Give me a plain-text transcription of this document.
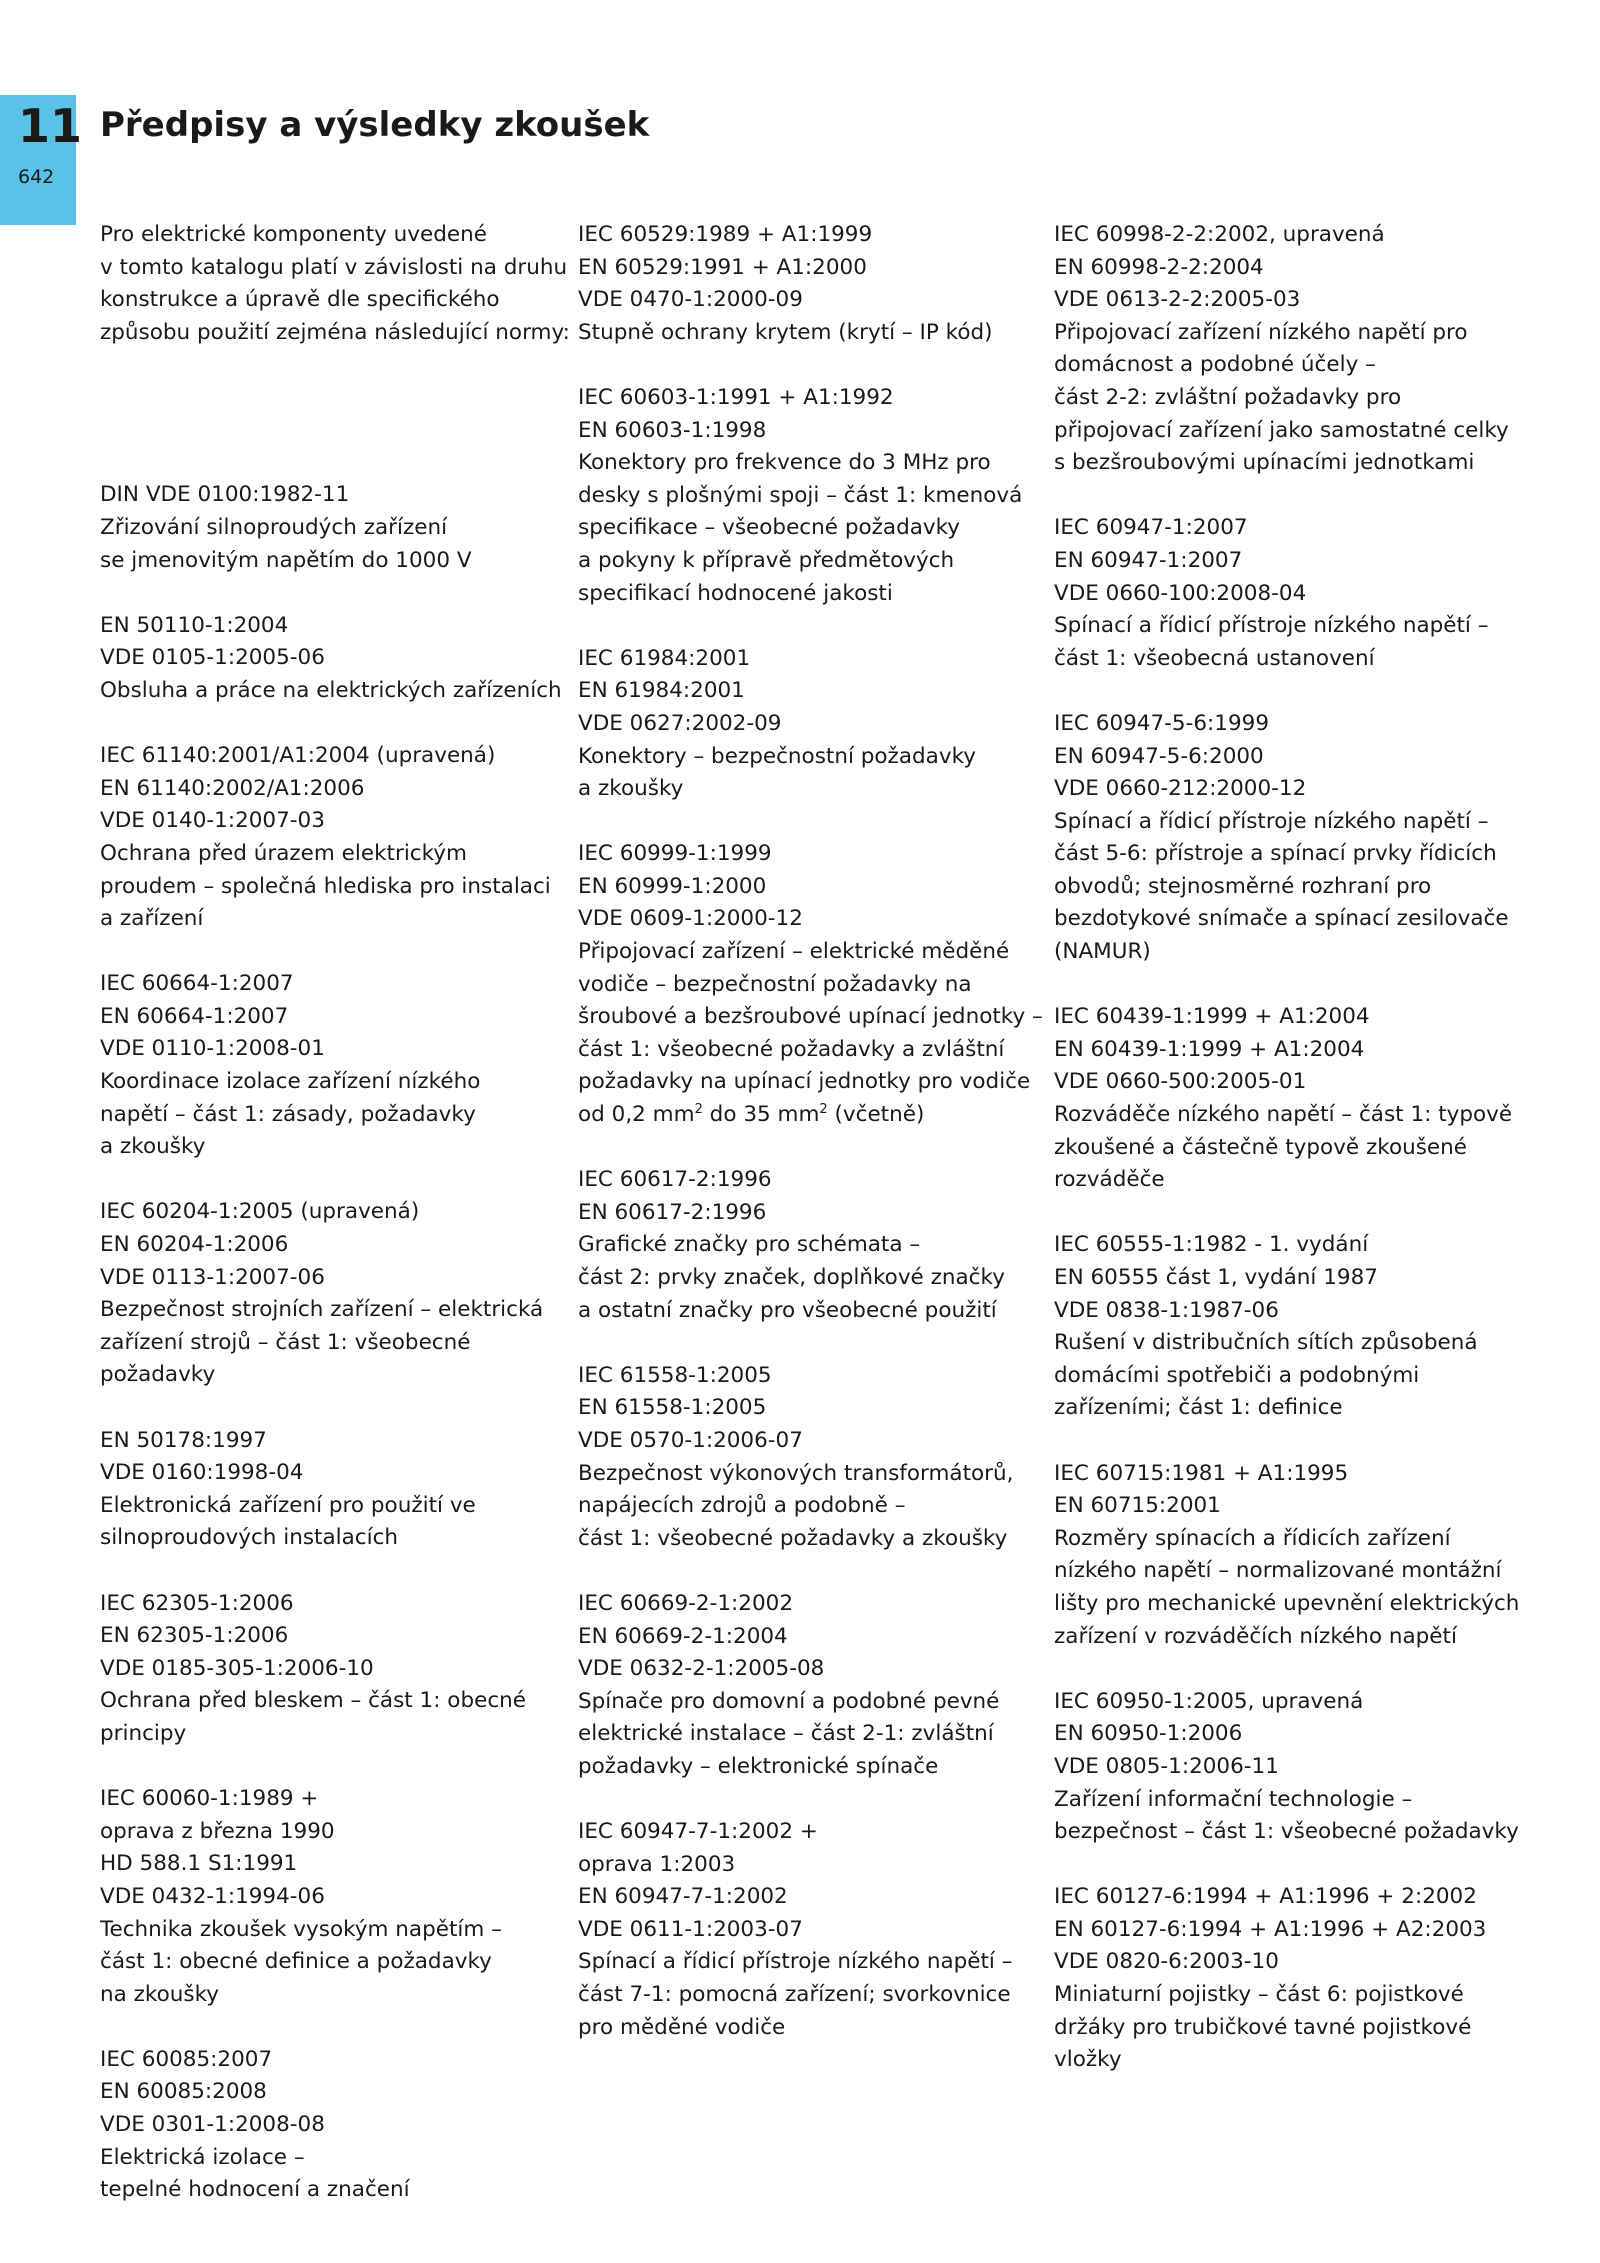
11
642
Předpisy a výsledky zkoušek
Pro elektrické komponenty uvedené
v tomto katalogu platí v závislosti na druhu
konstrukce a úpravě dle specifického
způsobu použití zejména následující normy:
DIN VDE 0100:1982-11
Zřizování silnoproudých zařízení
se jmenovitým napětím do 1000 V
EN 50110-1:2004
VDE 0105-1:2005-06
Obsluha a práce na elektrických zařízeních
IEC 61140:2001/A1:2004 (upravená)
EN 61140:2002/A1:2006
VDE 0140-1:2007-03
Ochrana před úrazem elektrickým
proudem – společná hlediska pro instalaci
a zařízení
IEC 60664-1:2007
EN 60664-1:2007
VDE 0110-1:2008-01
Koordinace izolace zařízení nízkého
napětí – část 1: zásady, požadavky
a zkoušky
IEC 60204-1:2005 (upravená)
EN 60204-1:2006
VDE 0113-1:2007-06
Bezpečnost strojních zařízení – elektrická
zařízení strojů – část 1: všeobecné
požadavky
EN 50178:1997
VDE 0160:1998-04
Elektronická zařízení pro použití ve
silnoproudových instalacích
IEC 62305-1:2006
EN 62305-1:2006
VDE 0185-305-1:2006-10
Ochrana před bleskem – část 1: obecné
principy
IEC 60060-1:1989 +
oprava z března 1990
HD 588.1 S1:1991
VDE 0432-1:1994-06
Technika zkoušek vysokým napětím –
část 1: obecné definice a požadavky
na zkoušky
IEC 60085:2007
EN 60085:2008
VDE 0301-1:2008-08
Elektrická izolace –
tepelné hodnocení a značení
IEC 60529:1989 + A1:1999
EN 60529:1991 + A1:2000
VDE 0470-1:2000-09
Stupně ochrany krytem (krytí – IP kód)
IEC 60603-1:1991 + A1:1992
EN 60603-1:1998
Konektory pro frekvence do 3 MHz pro
desky s plošnými spoji – část 1: kmenová
specifikace – všeobecné požadavky
a pokyny k přípravě předmětových
specifikací hodnocené jakosti
IEC 61984:2001
EN 61984:2001
VDE 0627:2002-09
Konektory – bezpečnostní požadavky
a zkoušky
IEC 60999-1:1999
EN 60999-1:2000
VDE 0609-1:2000-12
Připojovací zařízení – elektrické měděné
vodiče – bezpečnostní požadavky na
šroubové a bezšroubové upínací jednotky –
část 1: všeobecné požadavky a zvláštní
požadavky na upínací jednotky pro vodiče
od 0,2 $mm^2$ do 35 $mm^2$ (včetně)
IEC 60617-2:1996
EN 60617-2:1996
Grafické značky pro schémata –
část 2: prvky značek, doplňkové značky
a ostatní značky pro všeobecné použití
IEC 61558-1:2005
EN 61558-1:2005
VDE 0570-1:2006-07
Bezpečnost výkonových transformátorů,
napájecích zdrojů a podobně –
část 1: všeobecné požadavky a zkoušky
IEC 60669-2-1:2002
EN 60669-2-1:2004
VDE 0632-2-1:2005-08
Spínače pro domovní a podobné pevné
elektrické instalace – část 2-1: zvláštní
požadavky – elektronické spínače
IEC 60947-7-1:2002 +
oprava 1:2003
EN 60947-7-1:2002
VDE 0611-1:2003-07
Spínací a řídicí přístroje nízkého napětí –
část 7-1: pomocná zařízení; svorkovnice
pro měděné vodiče
IEC 60998-2-2:2002, upravená
EN 60998-2-2:2004
VDE 0613-2-2:2005-03
Připojovací zařízení nízkého napětí pro
domácnost a podobné účely –
část 2-2: zvláštní požadavky pro
připojovací zařízení jako samostatné celky
s bezšroubovými upínacími jednotkami
IEC 60947-1:2007
EN 60947-1:2007
VDE 0660-100:2008-04
Spínací a řídicí přístroje nízkého napětí –
část 1: všeobecná ustanovení
IEC 60947-5-6:1999
EN 60947-5-6:2000
VDE 0660-212:2000-12
Spínací a řídicí přístroje nízkého napětí –
část 5-6: přístroje a spínací prvky řídicích
obvodů; stejnosměrné rozhraní pro
bezdotykové snímače a spínací zesilovače
(NAMUR)
IEC 60439-1:1999 + A1:2004
EN 60439-1:1999 + A1:2004
VDE 0660-500:2005-01
Rozváděče nízkého napětí – část 1: typově
zkoušené a částečně typově zkoušené
rozváděče
IEC 60555-1:1982 - 1. vydání
EN 60555 část 1, vydání 1987
VDE 0838-1:1987-06
Rušení v distribučních sítích způsobená
domácími spotřebiči a podobnými
zařízeními; část 1: definice
IEC 60715:1981 + A1:1995
EN 60715:2001
Rozměry spínacích a řídicích zařízení
nízkého napětí – normalizované montážní
lišty pro mechanické upevnění elektrických
zařízení v rozváděčích nízkého napětí
IEC 60950-1:2005, upravená
EN 60950-1:2006
VDE 0805-1:2006-11
Zařízení informační technologie –
bezpečnost – část 1: všeobecné požadavky
IEC 60127-6:1994 + A1:1996 + 2:2002
EN 60127-6:1994 + A1:1996 + A2:2003
VDE 0820-6:2003-10
Miniaturní pojistky – část 6: pojistkové
držáky pro trubičkové tavné pojistkové
vložky
